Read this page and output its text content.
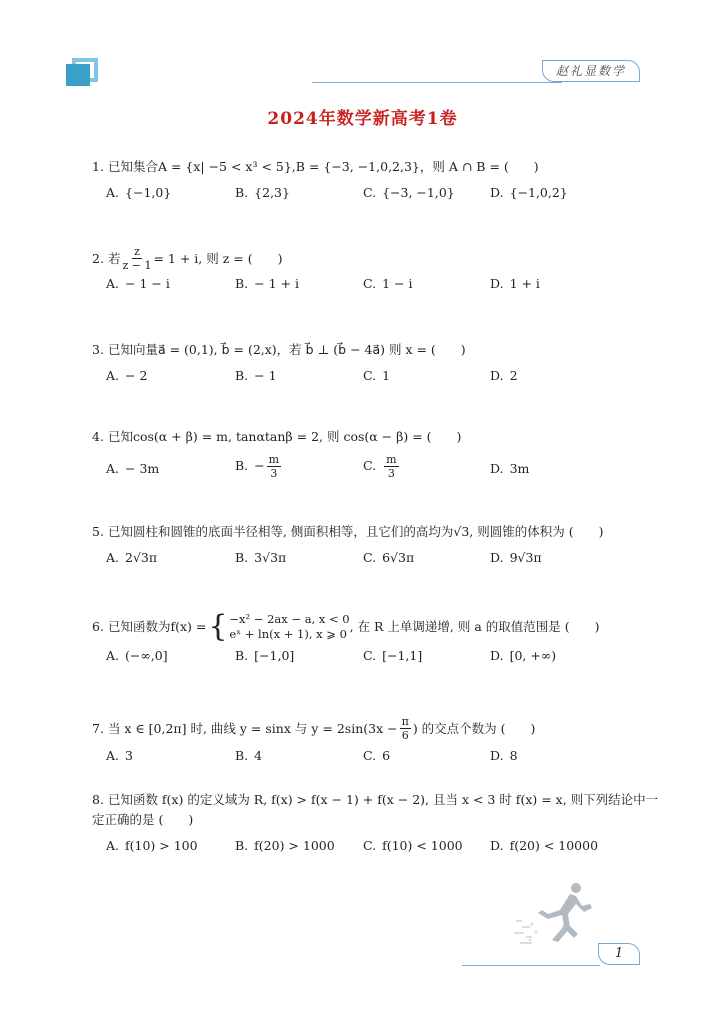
赵礼显数学
2024年数学新高考1卷
1. 已知集合A = {x| −5 < x³ < 5},B = {−3, −1,0,2,3}，则 A ∩ B = (　　)
A. {−1,0}	B. {2,3}	C. {−3, −1,0}	D. {−1,0,2}
2. 若 $\frac{z}{z - 1} = 1 + i$, 则 z = (　　)
A. − 1 − i	B. − 1 + i	C. 1 − i	D. 1 + i
3. 已知向量a⃗ = (0,1), b⃗ = (2,x)，若 b⃗ ⊥ (b⃗ − 4a⃗) 则 x = (　　)
A. − 2	B. − 1	C. 1	D. 2
4. 已知cos(α + β) = m, tanαtanβ = 2, 则 cos(α − β) = (　　)
A. − 3m	B. − $\frac{m}{3}$	C. $\frac{m}{3}$	D. 3m
5. 已知圆柱和圆锥的底面半径相等, 侧面积相等，且它们的高均为√3, 则圆锥的体积为 (　　)
A. 2√3π	B. 3√3π	C. 6√3π	D. 9√3π
6. 已知函数为f(x) = { −x² − 2ax − a, x < 0
eˣ + ln(x + 1), x ⩾ 0 , 在 R 上单调递增, 则 a 的取值范围是 (　　)
A. (−∞,0]	B. [−1,0]	C. [−1,1]	D. [0, +∞)
7. 当 x ∈ [0,2π] 时, 曲线 y = sinx 与 $y = 2\sin(3x - \frac{\pi}{6}$ ) 的交点个数为 (　　)
A. 3	B. 4	C. 6	D. 8
8. 已知函数 f(x) 的定义域为 R, f(x) > f(x − 1) + f(x − 2), 且当 x < 3 时 f(x) = x, 则下列结论中一
定正确的是 (　　)
A. f(10) > 100	B. f(20) > 1000 C. f(10) < 1000 D. f(20) < 10000
1
